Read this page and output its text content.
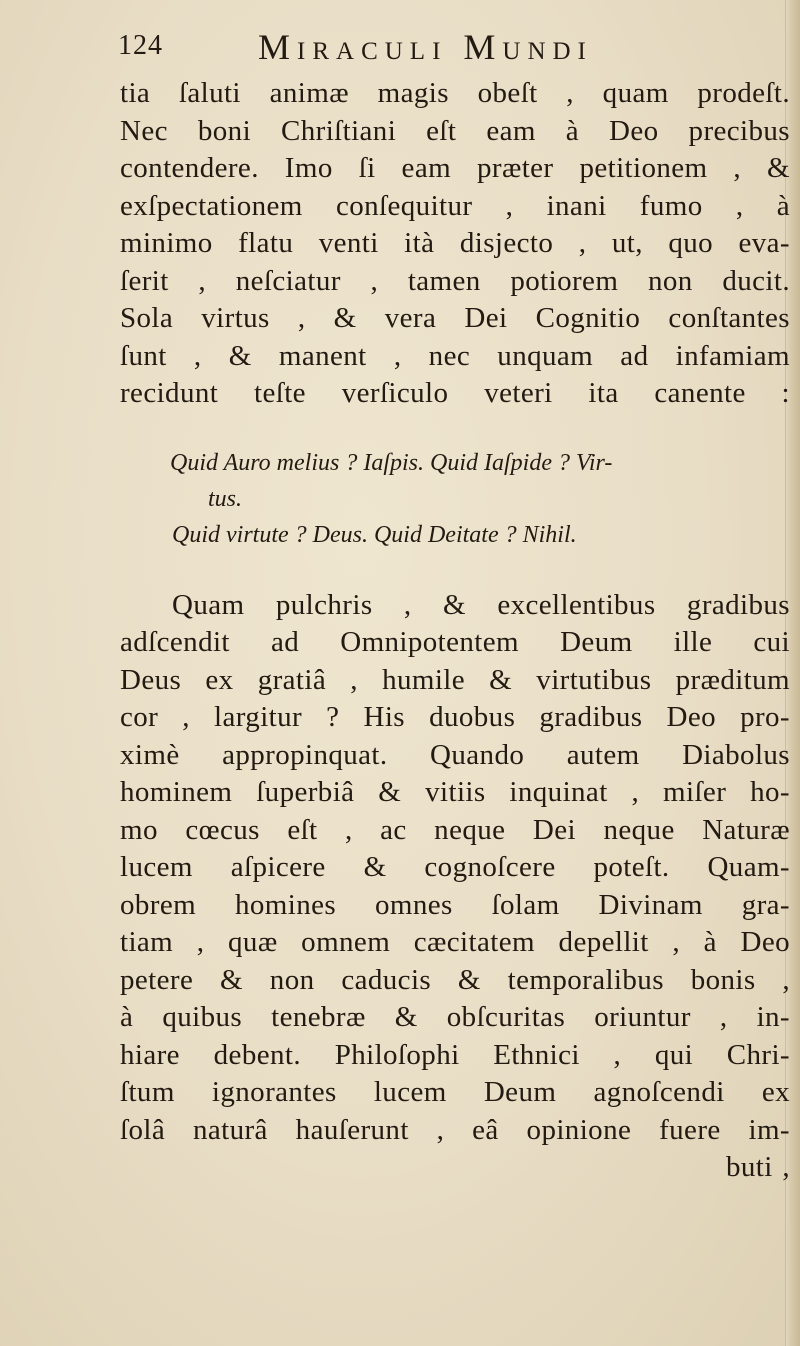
124	Miraculi Mundi
tia ſaluti animæ magis obeſt , quam prodeſt.
Nec boni Chriſtiani eſt eam à Deo precibus
contendere. Imo ſi eam præter petitionem , &
exſpectationem conſequitur , inani fumo , à
minimo flatu venti ità disjecto , ut, quo eva-
ſerit , neſciatur , tamen potiorem non ducit.
Sola virtus , & vera Dei Cognitio conſtantes
ſunt , & manent , nec unquam ad infamiam
recidunt teſte verſiculo veteri ita canente :
Quid Auro melius ? Iaſpis. Quid Iaſpide ? Vir-
tus.
Quid virtute ? Deus. Quid Deitate ? Nihil.
Quam pulchris , & excellentibus gradibus
adſcendit ad Omnipotentem Deum ille cui
Deus ex gratiâ , humile & virtutibus præditum
cor , largitur ? His duobus gradibus Deo pro-
ximè appropinquat. Quando autem Diabolus
hominem ſuperbiâ & vitiis inquinat , miſer ho-
mo cœcus eſt , ac neque Dei neque Naturæ
lucem aſpicere & cognoſcere poteſt. Quam-
obrem homines omnes ſolam Divinam gra-
tiam , quæ omnem cæcitatem depellit , à Deo
petere & non caducis & temporalibus bonis ,
à quibus tenebræ & obſcuritas oriuntur , in-
hiare debent. Philoſophi Ethnici , qui Chri-
ſtum ignorantes lucem Deum agnoſcendi ex
ſolâ naturâ hauſerunt , eâ opinione fuere im-
buti ,
